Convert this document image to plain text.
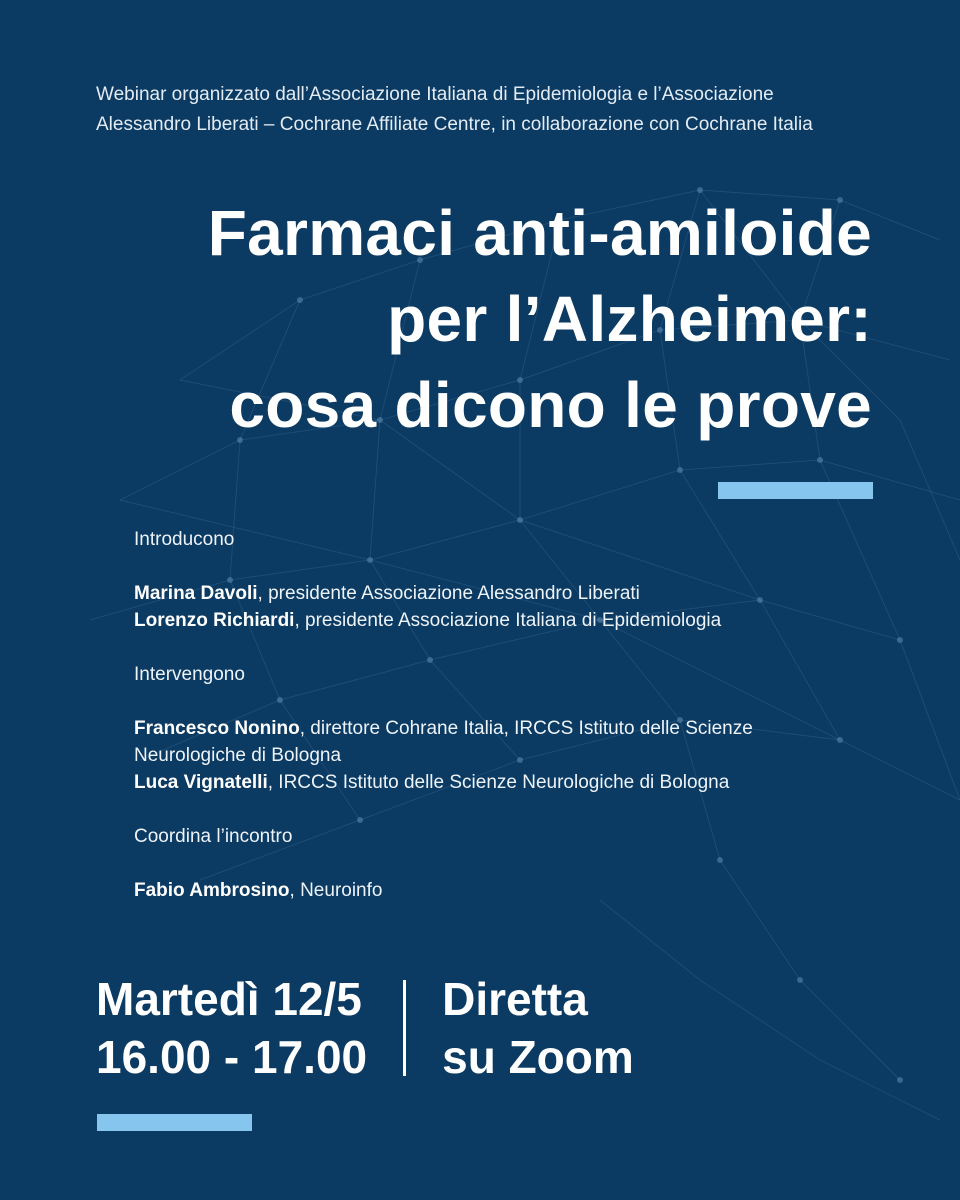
Webinar organizzato dall’Associazione Italiana di Epidemiologia e l’Associazione
Alessandro Liberati – Cochrane Affiliate Centre, in collaborazione con Cochrane Italia
Farmaci anti-amiloide
per l’Alzheimer:
cosa dicono le prove
Introducono
Marina Davoli, presidente Associazione Alessandro Liberati
Lorenzo Richiardi, presidente Associazione Italiana di Epidemiologia
Intervengono
Francesco Nonino, direttore Cohrane Italia, IRCCS Istituto delle Scienze
Neurologiche di Bologna
Luca Vignatelli, IRCCS Istituto delle Scienze Neurologiche di Bologna
Coordina l’incontro
Fabio Ambrosino, Neuroinfo
Martedì 12/5
16.00 - 17.00
Diretta
su Zoom
